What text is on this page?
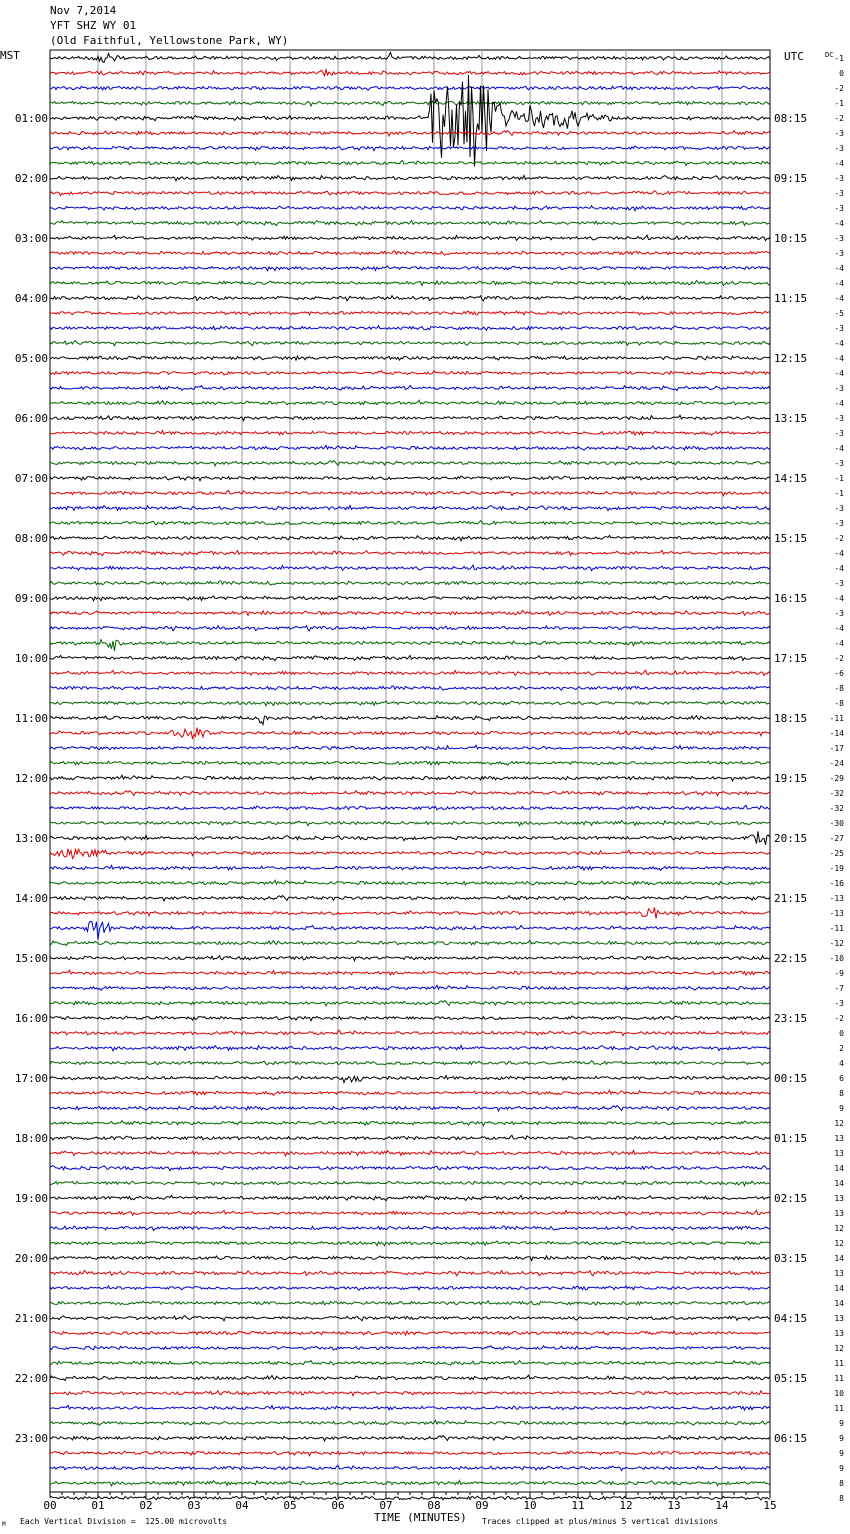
Nov 7,2014
YFT SHZ WY 01
(Old Faithful, Yellowstone Park, WY)
MST	UTC	DC
00	01	02	03	04	05	06	07	08	09	10	11	12	13	14	15
-1
0
-2
-1
-2
-3
-3
-4
-3
-3
-3
-4
-3
-3
-4
-4
-4
-5
-3
-4
-4
-4
-3
-4
-3
-3
-4
-3
-1
-1
-3
-3
-2
-4
-4
-3
-4
-3
-4
-4
-2
-6
-8
-8
-11
-14
-17
-24
-29
-32
-32
-30
-27
-25
-19
-16
-13
-13
-11
-12
-10
-9
-7
-3
-2
0
2
4
6
8
9
12
13
13
14
14
13
13
12
12
14
13
14
14
13
13
12
11
11
10
11
9
9
9
9
8
8
01:00
02:00
03:00
04:00
05:00
06:00
07:00
08:00
09:00
10:00
11:00
12:00
13:00
14:00
15:00
16:00
17:00
18:00
19:00
20:00
21:00
22:00
23:00
08:15
09:15
10:15
11:15
12:15
13:15
14:15
15:15
16:15
17:15
18:15
19:15
20:15
21:15
22:15
23:15
00:15
01:15
02:15
03:15
04:15
05:15
06:15
Each Vertical Division =  125.00 microvolts	TIME (MINUTES) Traces clipped at plus/minus 5 vertical divisions
M
